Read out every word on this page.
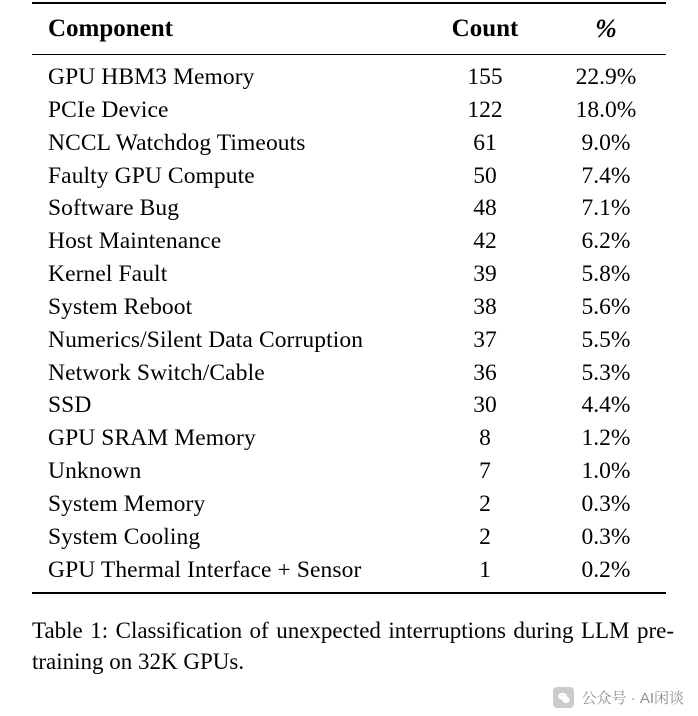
Component	Count	%
GPU HBM3 Memory	155	22.9%
PCIe Device	122	18.0%
NCCL Watchdog Timeouts	61	9.0%
Faulty GPU Compute	50	7.4%
Software Bug	48	7.1%
Host Maintenance	42	6.2%
Kernel Fault	39	5.8%
System Reboot	38	5.6%
Numerics/Silent Data Corruption	37	5.5%
Network Switch/Cable	36	5.3%
SSD	30	4.4%
GPU SRAM Memory	8	1.2%
Unknown	7	1.0%
System Memory	2	0.3%
System Cooling	2	0.3%
GPU Thermal Interface + Sensor	1	0.2%
Table 1: Classification of unexpected interruptions during LLM pre-training on 32K GPUs.
公众号 · AI闲谈
